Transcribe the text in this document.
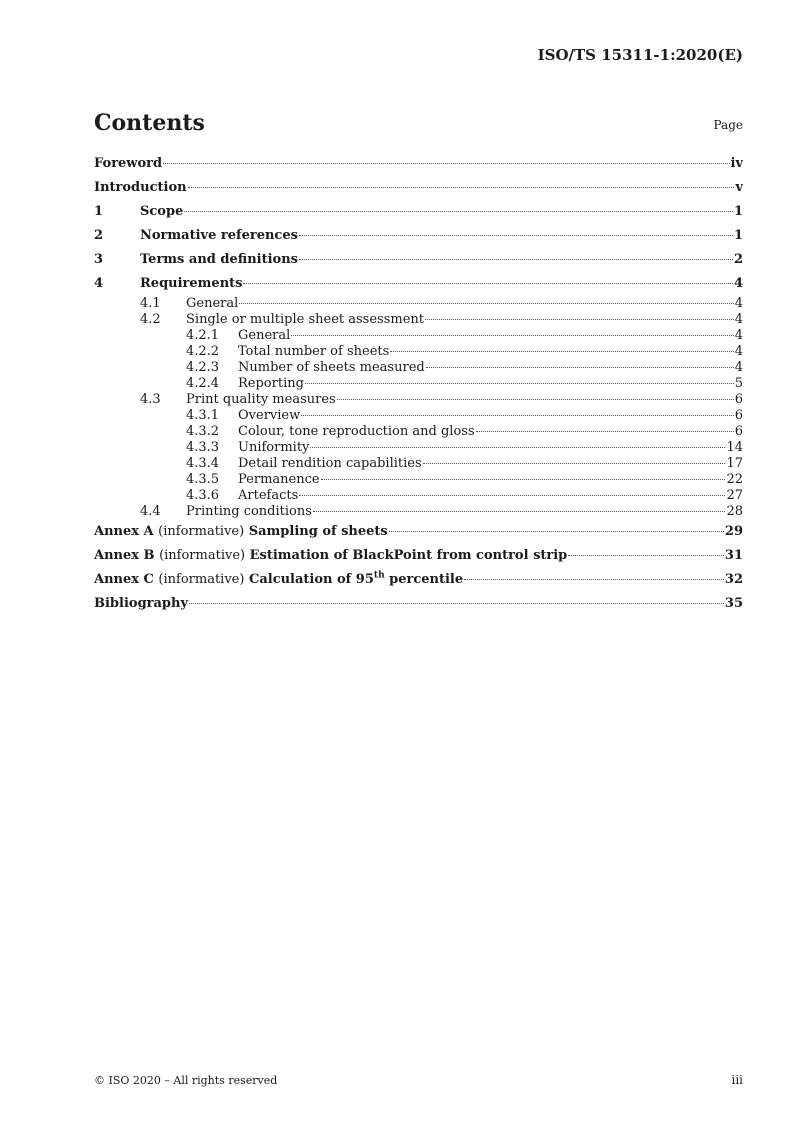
ISO/TS 15311-1:2020(E)
Contents	Page
Foreword	iv
Introduction	v
1	Scope	1
2	Normative references	1
3	Terms and definitions	2
4	Requirements	4
4.1	General	4
4.2	Single or multiple sheet assessment	4
4.2.1	General	4
4.2.2	Total number of sheets	4
4.2.3	Number of sheets measured	4
4.2.4	Reporting	5
4.3	Print quality measures	6
4.3.1	Overview	6
4.3.2	Colour, tone reproduction and gloss	6
4.3.3	Uniformity	14
4.3.4	Detail rendition capabilities	17
4.3.5	Permanence	22
4.3.6	Artefacts	27
4.4	Printing conditions	28
Annex A (informative) Sampling of sheets	29
Annex B (informative) Estimation of BlackPoint from control strip	31
Annex C (informative) Calculation of 95th percentile	32
Bibliography	35
© ISO 2020 – All rights reserved	iii
